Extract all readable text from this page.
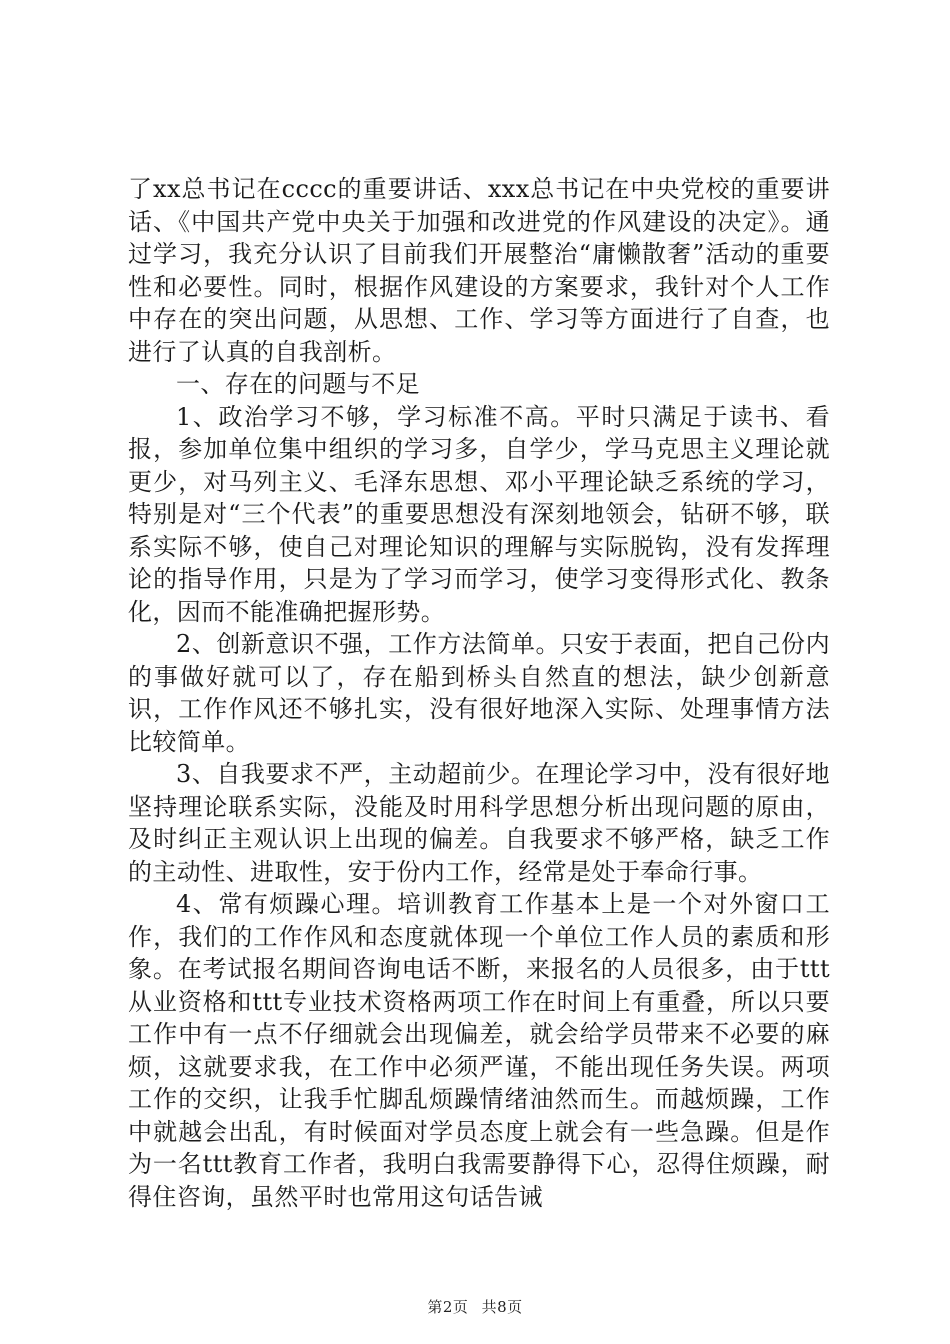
了xx总书记在cccc的重要讲话、xxx总书记在中央党校的重要讲话、《中国共产党中央关于加强和改进党的作风建设的决定》。通过学习，我充分认识了目前我们开展整治“庸懒散奢”活动的重要性和必要性。同时，根据作风建设的方案要求，我针对个人工作中存在的突出问题，从思想、工作、学习等方面进行了自查，也进行了认真的自我剖析。

一、存在的问题与不足

1、政治学习不够，学习标准不高。平时只满足于读书、看报，参加单位集中组织的学习多，自学少，学马克思主义理论就更少，对马列主义、毛泽东思想、邓小平理论缺乏系统的学习，特别是对“三个代表”的重要思想没有深刻地领会，钻研不够，联系实际不够，使自己对理论知识的理解与实际脱钩，没有发挥理论的指导作用，只是为了学习而学习，使学习变得形式化、教条化，因而不能准确把握形势。

2、创新意识不强，工作方法简单。只安于表面，把自己份内的事做好就可以了，存在船到桥头自然直的想法，缺少创新意识，工作作风还不够扎实，没有很好地深入实际、处理事情方法比较简单。

3、自我要求不严，主动超前少。在理论学习中，没有很好地坚持理论联系实际，没能及时用科学思想分析出现问题的原由，及时纠正主观认识上出现的偏差。自我要求不够严格，缺乏工作的主动性、进取性，安于份内工作，经常是处于奉命行事。

4、常有烦躁心理。培训教育工作基本上是一个对外窗口工作，我们的工作作风和态度就体现一个单位工作人员的素质和形象。在考试报名期间咨询电话不断，来报名的人员很多，由于ttt从业资格和ttt专业技术资格两项工作在时间上有重叠，所以只要工作中有一点不仔细就会出现偏差，就会给学员带来不必要的麻烦，这就要求我，在工作中必须严谨，不能出现任务失误。两项工作的交织，让我手忙脚乱烦躁情绪油然而生。而越烦躁，工作中就越会出乱，有时候面对学员态度上就会有一些急躁。但是作为一名ttt教育工作者，我明白我需要静得下心，忍得住烦躁，耐得住咨询，虽然平时也常用这句话告诫

第2页 共8页
